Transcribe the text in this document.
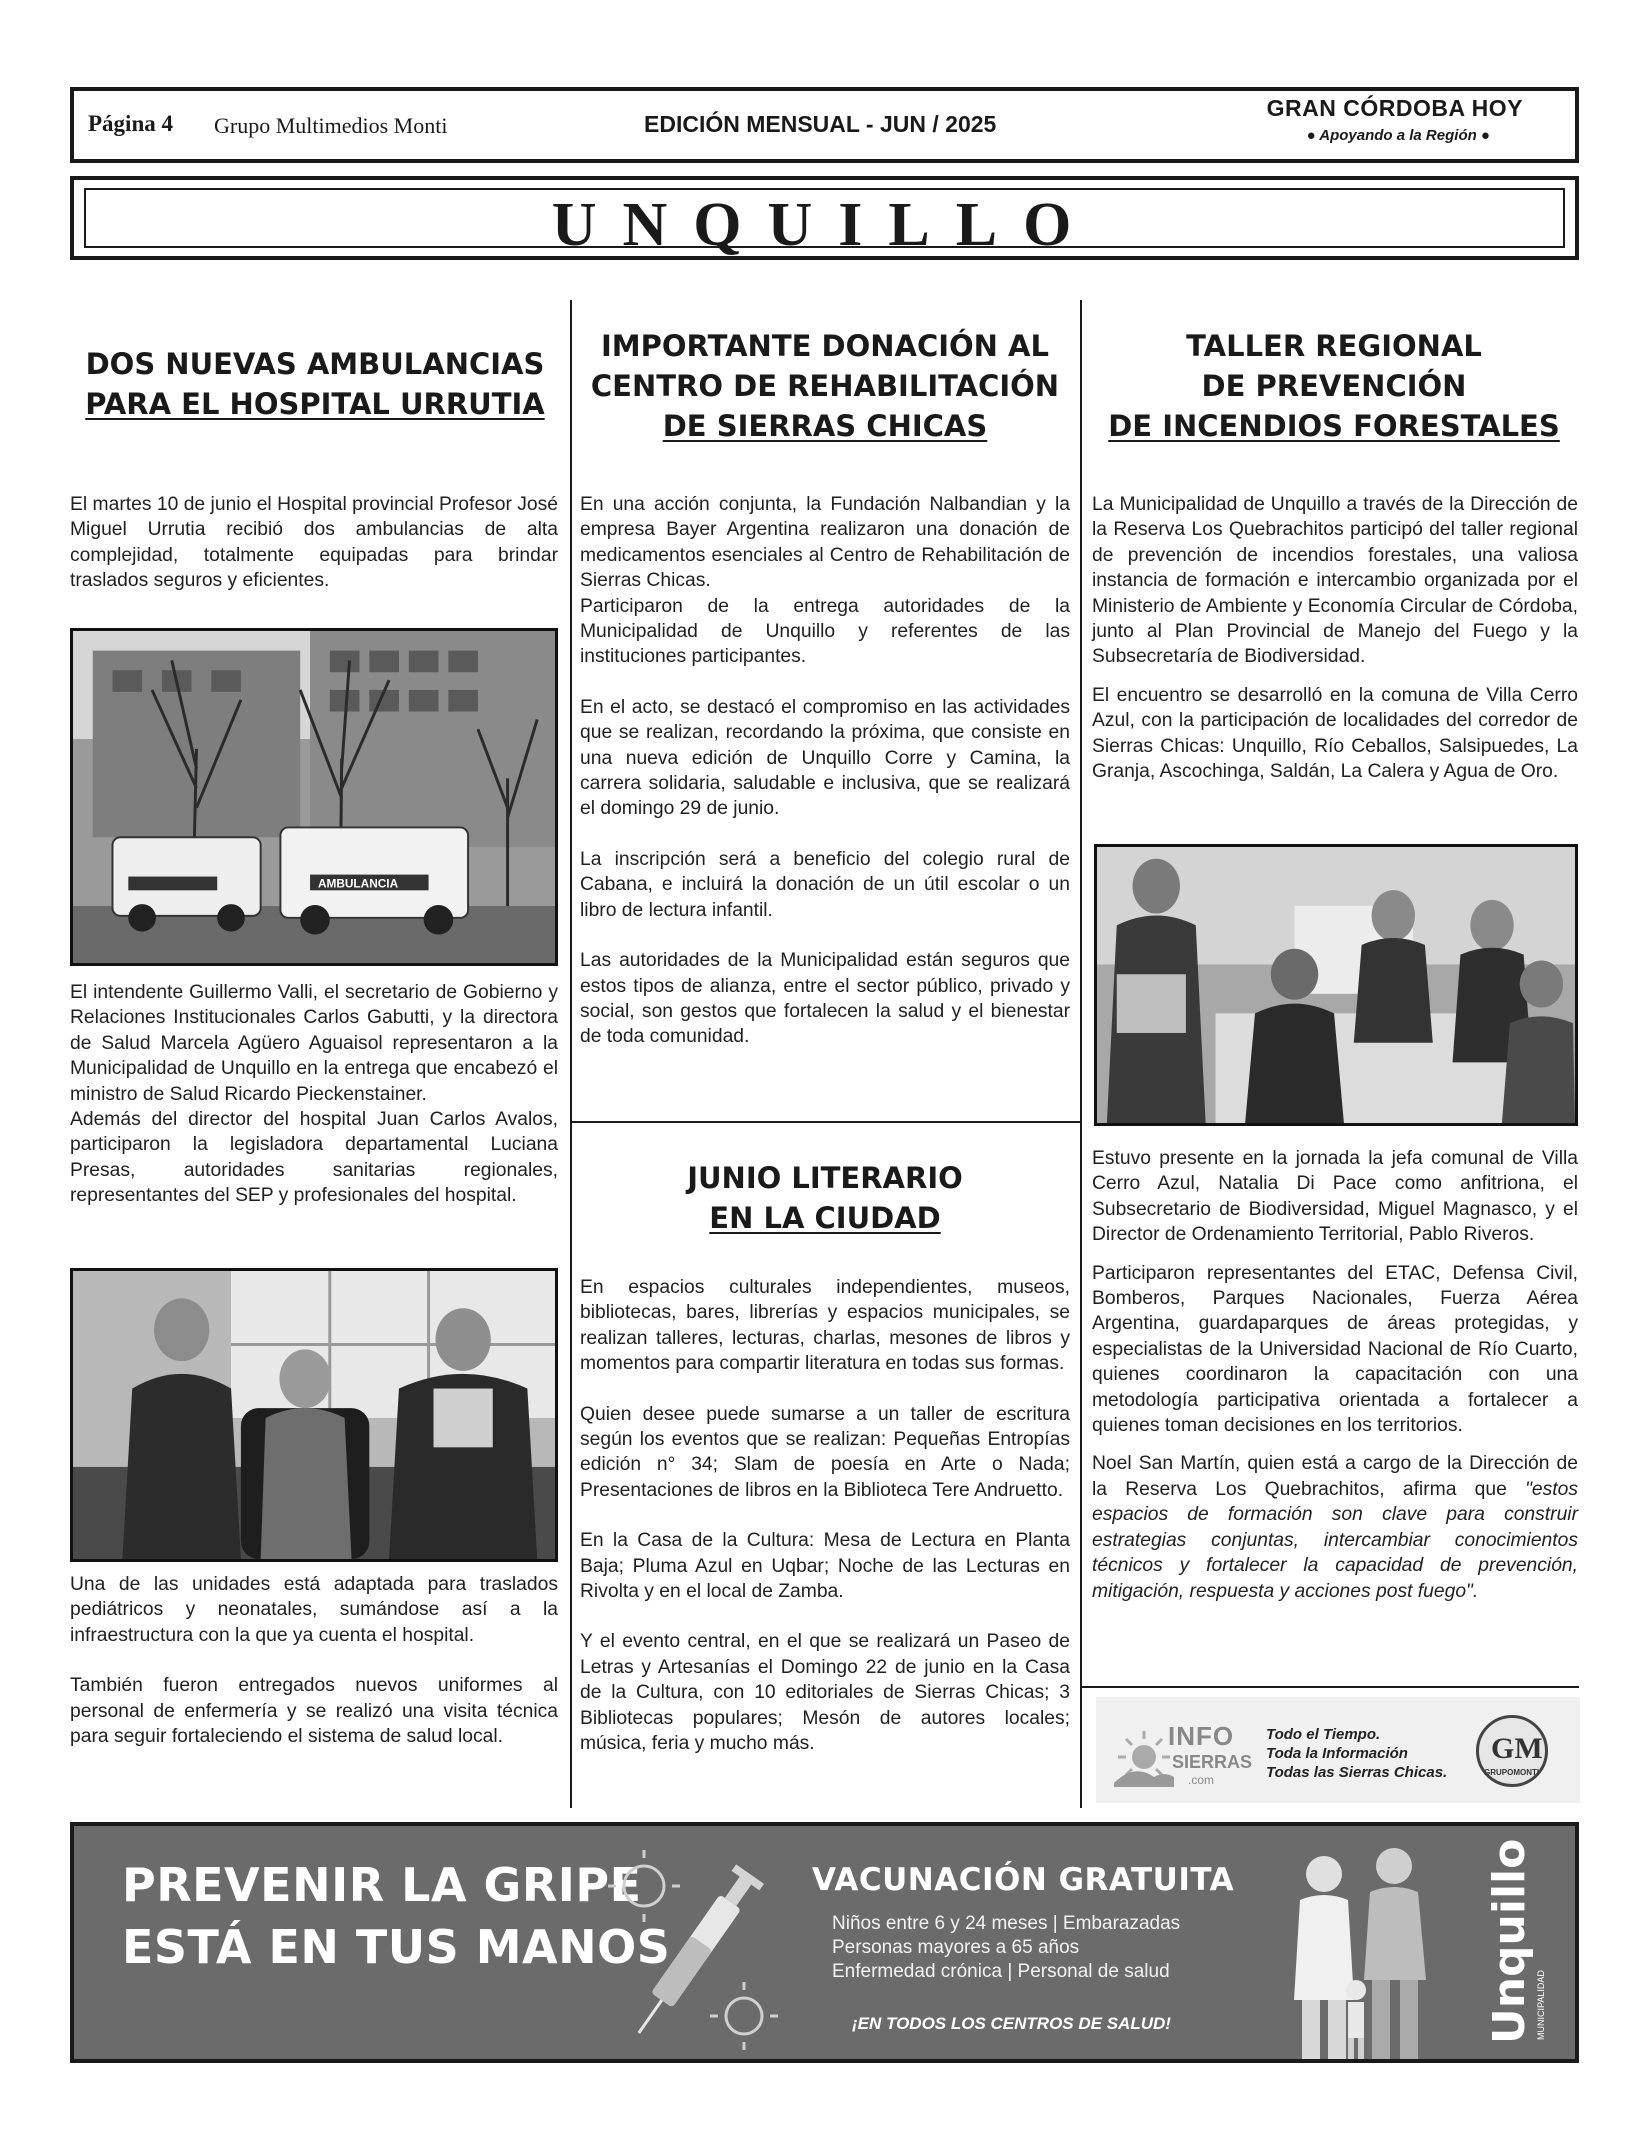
Página 4 Grupo Multimedios Monti	EDICIÓN MENSUAL - JUN / 2025
GRAN CÓRDOBA HOY
● Apoyando a la Región ●
UNQUILLO
DOS NUEVAS AMBULANCIAS
PARA EL HOSPITAL URRUTIA

El martes 10 de junio el Hospital provincial Profesor José Miguel Urrutia recibió dos ambulancias de alta complejidad, totalmente equipadas para brindar traslados seguros y eficientes.

AMBULANCIA

El intendente Guillermo Valli, el secretario de Gobierno y Relaciones Institucionales Carlos Gabutti, y la directora de Salud Marcela Agüero Aguaisol representaron a la Municipalidad de Unquillo en la entrega que encabezó el ministro de Salud Ricardo Pieckenstainer.

Además del director del hospital Juan Carlos Avalos, participaron la legisladora departamental Luciana Presas, autoridades sanitarias regionales, representantes del SEP y profesionales del hospital.

Una de las unidades está adaptada para traslados pediátricos y neonatales, sumándose así a la infraestructura con la que ya cuenta el hospital.

También fueron entregados nuevos uniformes al personal de enfermería y se realizó una visita técnica para seguir fortaleciendo el sistema de salud local.

IMPORTANTE DONACIÓN AL
CENTRO DE REHABILITACIÓN
DE SIERRAS CHICAS

En una acción conjunta, la Fundación Nalbandian y la empresa Bayer Argentina realizaron una donación de medicamentos esenciales al Centro de Rehabilitación de Sierras Chicas.

Participaron de la entrega autoridades de la Municipalidad de Unquillo y referentes de las instituciones participantes.

En el acto, se destacó el compromiso en las actividades que se realizan, recordando la próxima, que consiste en una nueva edición de Unquillo Corre y Camina, la carrera solidaria, saludable e inclusiva, que se realizará el domingo 29 de junio.

La inscripción será a beneficio del colegio rural de Cabana, e incluirá la donación de un útil escolar o un libro de lectura infantil.

Las autoridades de la Municipalidad están seguros que estos tipos de alianza, entre el sector público, privado y social, son gestos que fortalecen la salud y el bienestar de toda comunidad.

JUNIO LITERARIO
EN LA CIUDAD

En espacios culturales independientes, museos, bibliotecas, bares, librerías y espacios municipales, se realizan talleres, lecturas, charlas, mesones de libros y momentos para compartir literatura en todas sus formas.

Quien desee puede sumarse a un taller de escritura según los eventos que se realizan: Pequeñas Entropías edición n° 34; Slam de poesía en Arte o Nada; Presentaciones de libros en la Biblioteca Tere Andruetto.

En la Casa de la Cultura: Mesa de Lectura en Planta Baja; Pluma Azul en Uqbar; Noche de las Lecturas en Rivolta y en el local de Zamba.

Y el evento central, en el que se realizará un Paseo de Letras y Artesanías el Domingo 22 de junio en la Casa de la Cultura, con 10 editoriales de Sierras Chicas; 3 Bibliotecas populares; Mesón de autores locales; música, feria y mucho más.

TALLER REGIONAL
DE PREVENCIÓN
DE INCENDIOS FORESTALES

La Municipalidad de Unquillo a través de la Dirección de la Reserva Los Quebrachitos participó del taller regional de prevención de incendios forestales, una valiosa instancia de formación e intercambio organizada por el Ministerio de Ambiente y Economía Circular de Córdoba, junto al Plan Provincial de Manejo del Fuego y la Subsecretaría de Biodiversidad.

El encuentro se desarrolló en la comuna de Villa Cerro Azul, con la participación de localidades del corredor de Sierras Chicas: Unquillo, Río Ceballos, Salsipuedes, La Granja, Ascochinga, Saldán, La Calera y Agua de Oro.

Estuvo presente en la jornada la jefa comunal de Villa Cerro Azul, Natalia Di Pace como anfitriona, el Subsecretario de Biodiversidad, Miguel Magnasco, y el Director de Ordenamiento Territorial, Pablo Riveros.

Participaron representantes del ETAC, Defensa Civil, Bomberos, Parques Nacionales, Fuerza Aérea Argentina, guardaparques de áreas protegidas, y especialistas de la Universidad Nacional de Río Cuarto, quienes coordinaron la capacitación con una metodología participativa orientada a fortalecer a quienes toman decisiones en los territorios.

Noel San Martín, quien está a cargo de la Dirección de la Reserva Los Quebrachitos, afirma que "estos espacios de formación son clave para construir estrategias conjuntas, intercambiar conocimientos técnicos y fortalecer la capacidad de prevención, mitigación, respuesta y acciones post fuego".

INFO
SIERRAS
.com
Todo el Tiempo.
Toda la Información
Todas las Sierras Chicas.
GM
GRUPOMONTI
PREVENIR LA GRIPE
ESTÁ EN TUS MANOS
VACUNACIÓN GRATUITA
Niños entre 6 y 24 meses | Embarazadas
Personas mayores a 65 años
Enfermedad crónica | Personal de salud
¡EN TODOS LOS CENTROS DE SALUD!	Unquillo MUNICIPALIDAD
